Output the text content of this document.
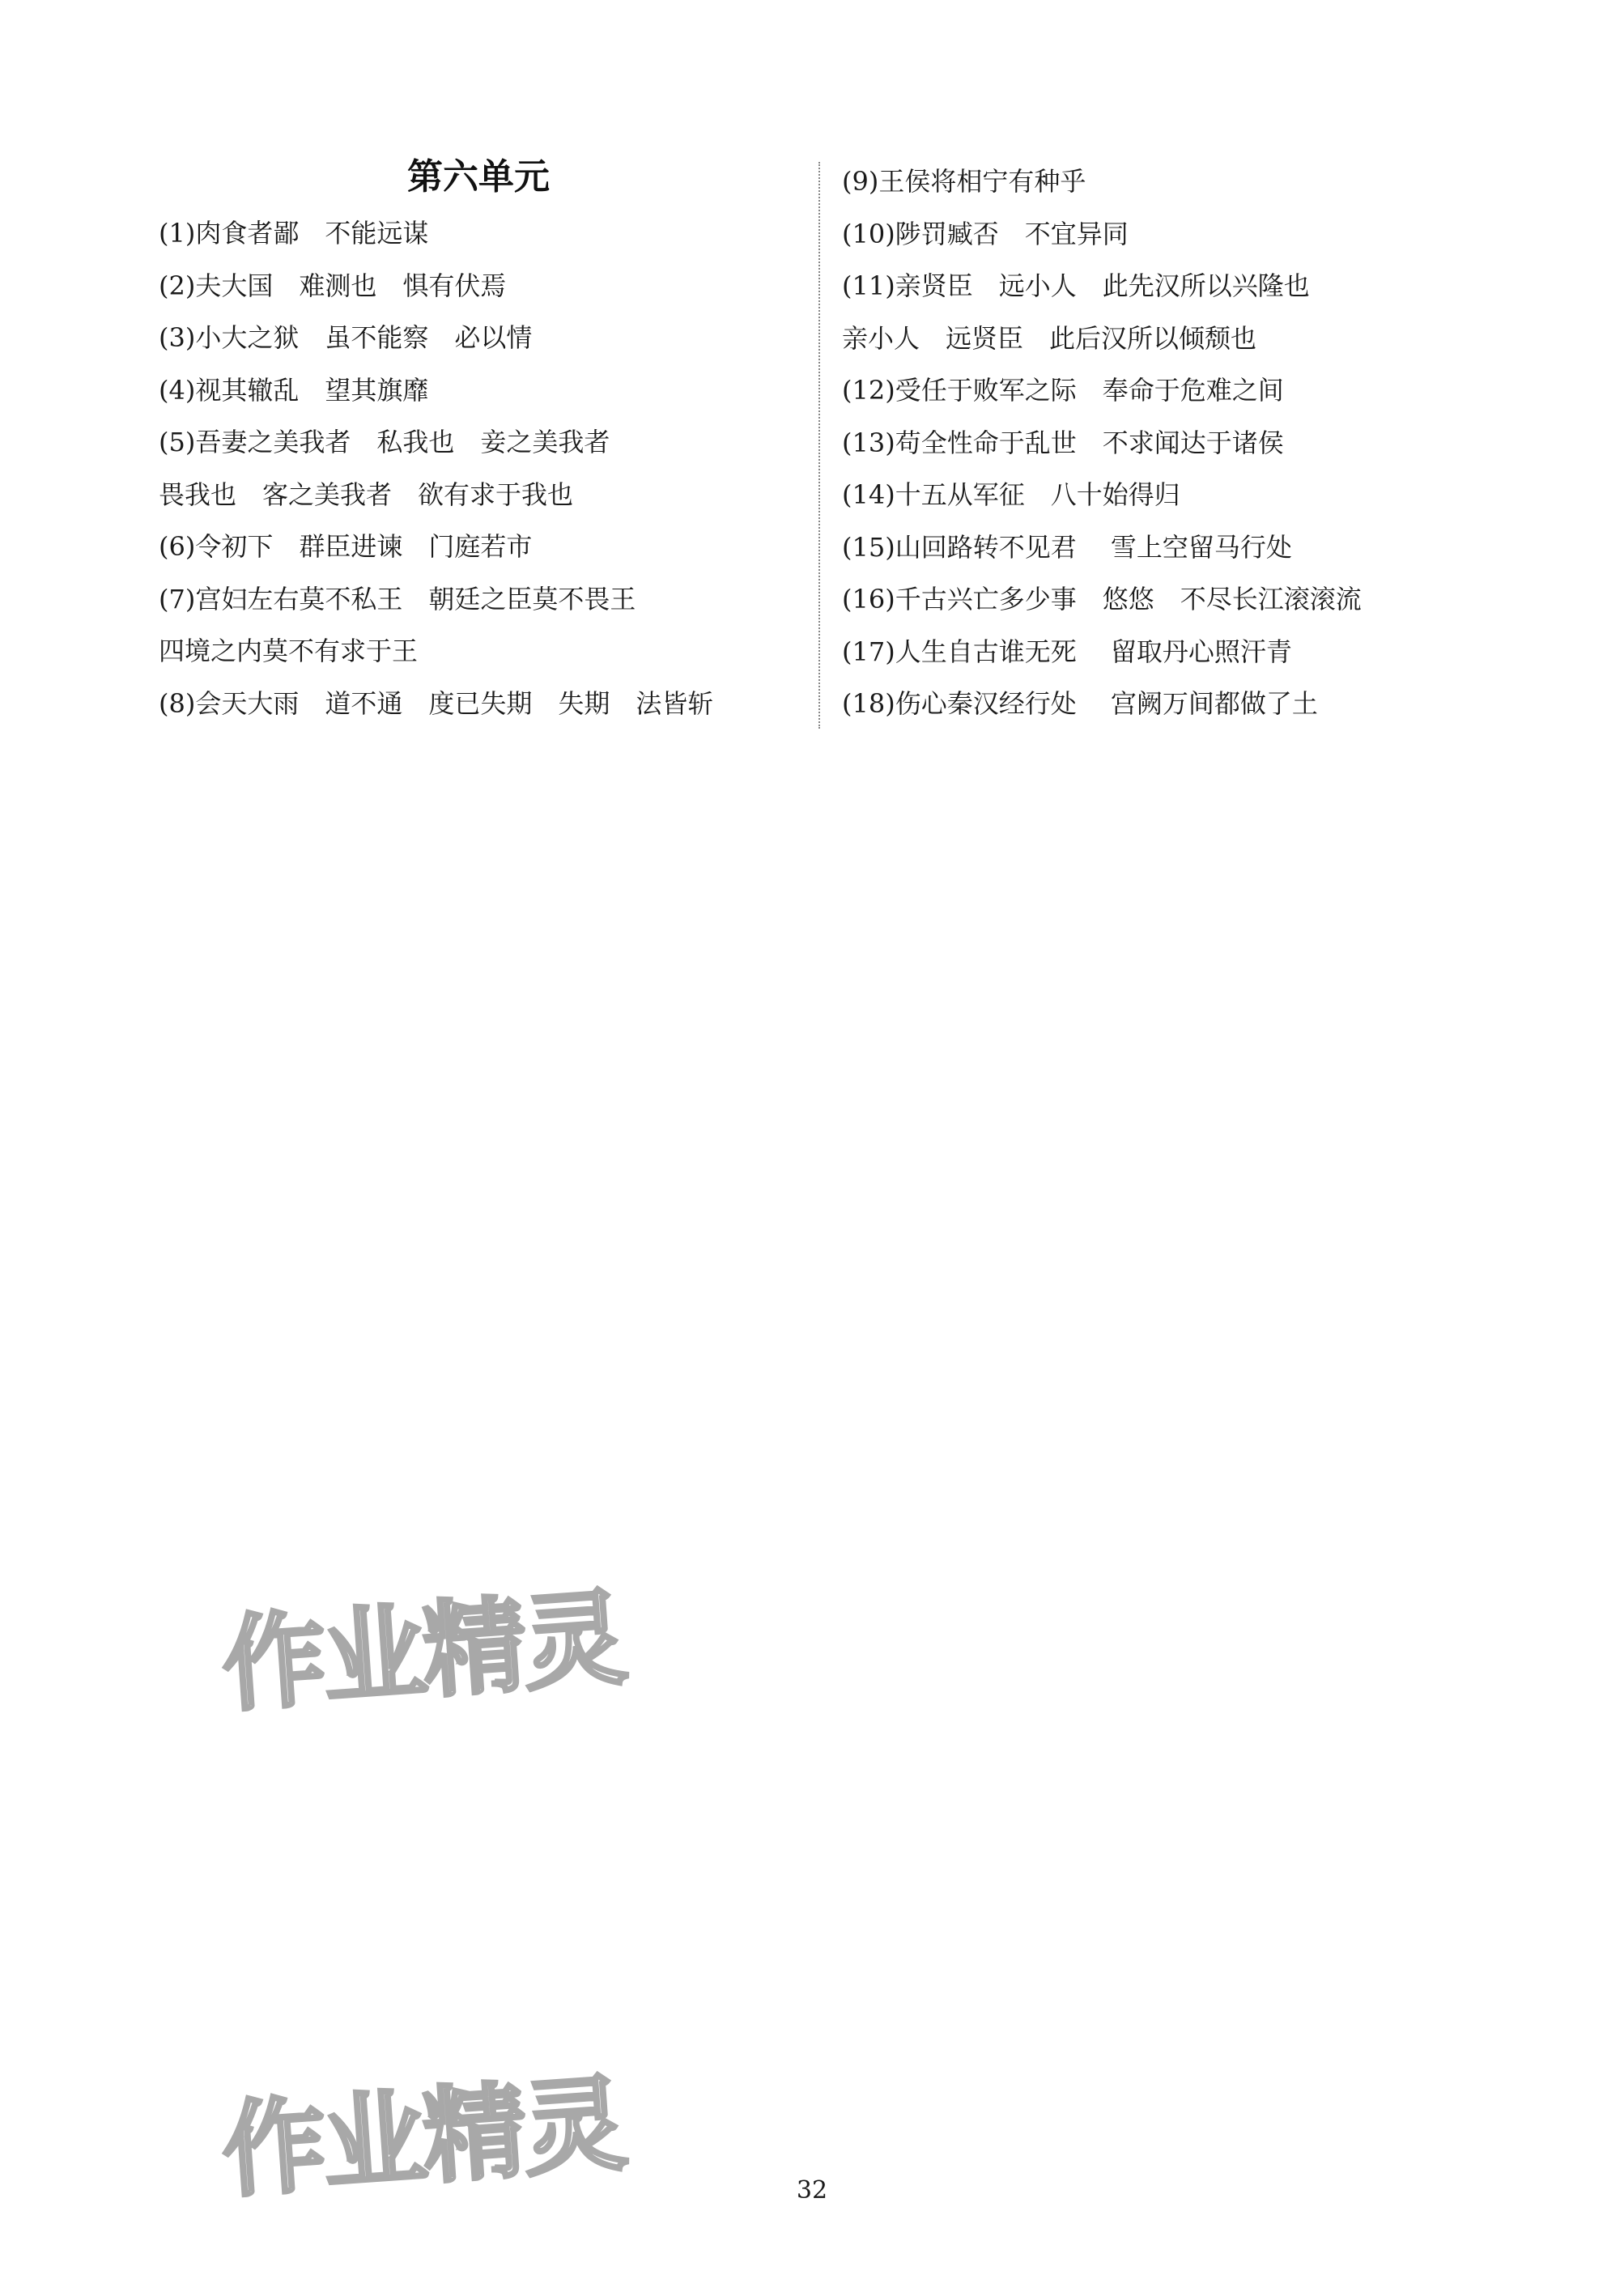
第六单元
(1)肉食者鄙　不能远谋
(2)夫大国　难测也　惧有伏焉
(3)小大之狱　虽不能察　必以情
(4)视其辙乱　望其旗靡
(5)吾妻之美我者　私我也　妾之美我者
畏我也　客之美我者　欲有求于我也
(6)令初下　群臣进谏　门庭若市
(7)宫妇左右莫不私王　朝廷之臣莫不畏王
四境之内莫不有求于王
(8)会天大雨　道不通　度已失期　失期　法皆斩
(9)王侯将相宁有种乎
(10)陟罚臧否　不宜异同
(11)亲贤臣　远小人　此先汉所以兴隆也
亲小人　远贤臣　此后汉所以倾颓也
(12)受任于败军之际　奉命于危难之间
(13)苟全性命于乱世　不求闻达于诸侯
(14)十五从军征　八十始得归
(15)山回路转不见君　 雪上空留马行处
(16)千古兴亡多少事　悠悠　不尽长江滚滚流
(17)人生自古谁无死　 留取丹心照汗青
(18)伤心秦汉经行处　 宫阙万间都做了土
作业精灵
作业精灵	32
